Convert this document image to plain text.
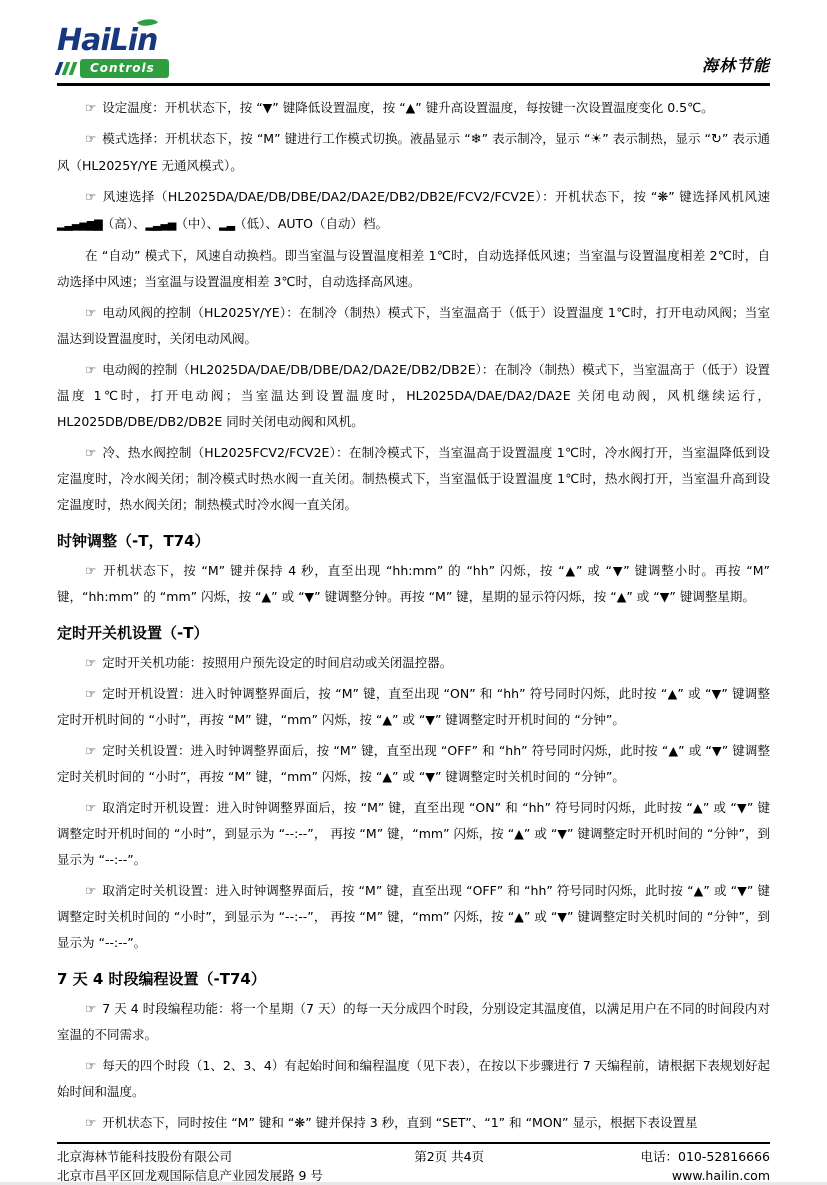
HaiLin
Controls	海林节能

☞ 设定温度：开机状态下，按 “▼” 键降低设置温度，按 “▲” 键升高设置温度，每按键一次设置温度变化 0.5℃。

☞ 模式选择：开机状态下，按 “M” 键进行工作模式切换。液晶显示 “❄” 表示制冷，显示 “☀” 表示制热，显示 “↻” 表示通风（HL2025Y/YE 无通风模式）。

☞ 风速选择（HL2025DA/DAE/DB/DBE/DA2/DA2E/DB2/DB2E/FCV2/FCV2E）：开机状态下，按 “❋” 键选择风机风速 ▂▃▄▅▆▇（高）、▂▃▄▅（中）、▂▃（低）、AUTO（自动）档。

在 “自动” 模式下，风速自动换档。即当室温与设置温度相差 1℃时，自动选择低风速；当室温与设置温度相差 2℃时，自动选择中风速；当室温与设置温度相差 3℃时，自动选择高风速。

☞ 电动风阀的控制（HL2025Y/YE）：在制冷（制热）模式下，当室温高于（低于）设置温度 1℃时，打开电动风阀；当室温达到设置温度时，关闭电动风阀。

☞ 电动阀的控制（HL2025DA/DAE/DB/DBE/DA2/DA2E/DB2/DB2E）：在制冷（制热）模式下，当室温高于（低于）设置温度 1℃时，打开电动阀；当室温达到设置温度时，HL2025DA/DAE/DA2/DA2E 关闭电动阀，风机继续运行，HL2025DB/DBE/DB2/DB2E 同时关闭电动阀和风机。

☞ 冷、热水阀控制（HL2025FCV2/FCV2E）：在制冷模式下，当室温高于设置温度 1℃时，冷水阀打开，当室温降低到设定温度时，冷水阀关闭；制冷模式时热水阀一直关闭。制热模式下，当室温低于设置温度 1℃时，热水阀打开，当室温升高到设定温度时，热水阀关闭；制热模式时冷水阀一直关闭。

时钟调整（-T，T74）

☞ 开机状态下，按 “M” 键并保持 4 秒，直至出现 “hh:mm” 的 “hh” 闪烁，按 “▲” 或 “▼” 键调整小时。再按 “M” 键，“hh:mm” 的 “mm” 闪烁，按 “▲” 或 “▼” 键调整分钟。再按 “M” 键，星期的显示符闪烁，按 “▲” 或 “▼” 键调整星期。

定时开关机设置（-T）

☞ 定时开关机功能：按照用户预先设定的时间启动或关闭温控器。

☞ 定时开机设置：进入时钟调整界面后，按 “M” 键，直至出现 “ON” 和 “hh” 符号同时闪烁，此时按 “▲” 或 “▼” 键调整定时开机时间的 “小时”，再按 “M” 键，“mm” 闪烁，按 “▲” 或 “▼” 键调整定时开机时间的 “分钟”。

☞ 定时关机设置：进入时钟调整界面后，按 “M” 键，直至出现 “OFF” 和 “hh” 符号同时闪烁，此时按 “▲” 或 “▼” 键调整定时关机时间的 “小时”，再按 “M” 键，“mm” 闪烁，按 “▲” 或 “▼” 键调整定时关机时间的 “分钟”。

☞ 取消定时开机设置：进入时钟调整界面后，按 “M” 键，直至出现 “ON” 和 “hh” 符号同时闪烁，此时按 “▲” 或 “▼” 键调整定时开机时间的 “小时”，到显示为 “--:--”， 再按 “M” 键，“mm” 闪烁，按 “▲” 或 “▼” 键调整定时开机时间的 “分钟”，到显示为 “--:--”。

☞ 取消定时关机设置：进入时钟调整界面后，按 “M” 键，直至出现 “OFF” 和 “hh” 符号同时闪烁，此时按 “▲” 或 “▼” 键调整定时关机时间的 “小时”，到显示为 “--:--”， 再按 “M” 键，“mm” 闪烁，按 “▲” 或 “▼” 键调整定时关机时间的 “分钟”，到显示为 “--:--”。

7 天 4 时段编程设置（-T74）

☞ 7 天 4 时段编程功能：将一个星期（7 天）的每一天分成四个时段，分别设定其温度值，以满足用户在不同的时间段内对室温的不同需求。

☞ 每天的四个时段（1、2、3、4）有起始时间和编程温度（见下表），在按以下步骤进行 7 天编程前，请根据下表规划好起始时间和温度。

☞ 开机状态下，同时按住 “M” 键和 “❋” 键并保持 3 秒，直到 “SET”、“1” 和 “MON” 显示，根据下表设置星

北京海林节能科技股份有限公司
北京市昌平区回龙观国际信息产业园发展路 9 号
第2页 共4页	电话：010-52816666
www.hailin.com
